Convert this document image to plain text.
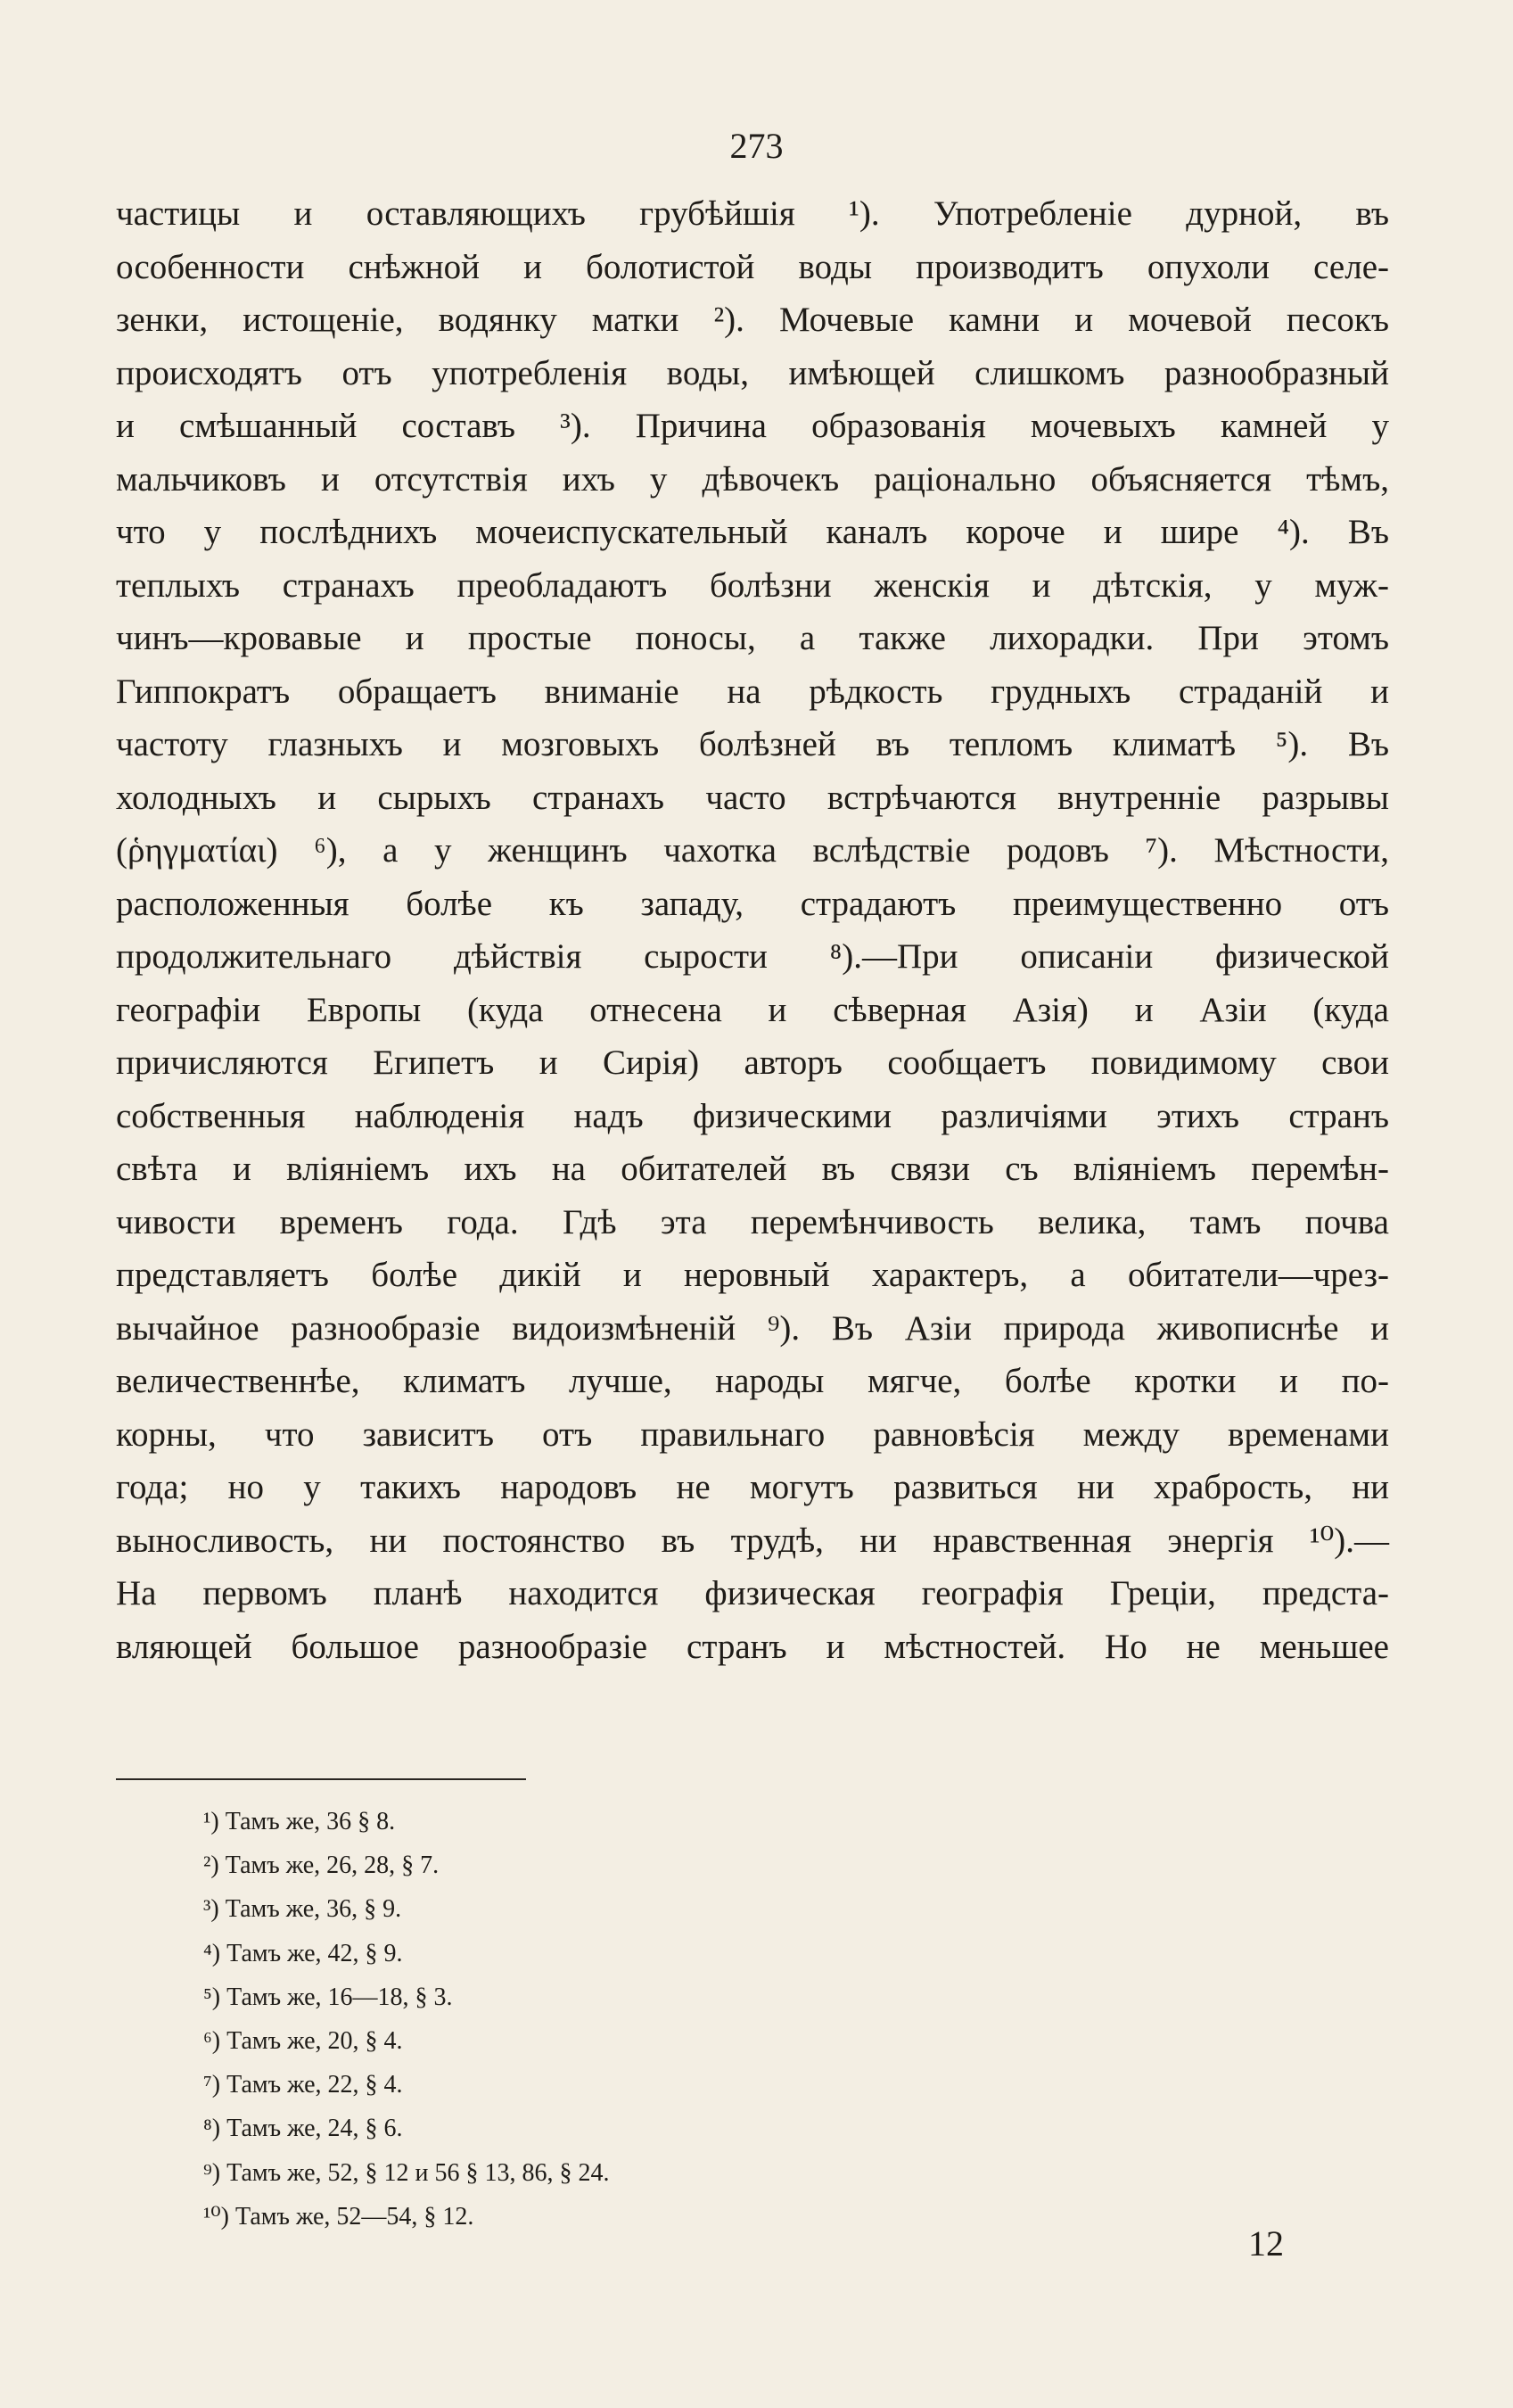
273
частицы и оставляющихъ грубѣйшія ¹). Употребленіе дурной, въ
особенности снѣжной и болотистой воды производитъ опухоли селе-
зенки, истощеніе, водянку матки ²). Мочевые камни и мочевой песокъ
происходятъ отъ употребленія воды, имѣющей слишкомъ разнообразный
и смѣшанный составъ ³). Причина образованія мочевыхъ камней у
мальчиковъ и отсутствія ихъ у дѣвочекъ раціонально объясняется тѣмъ,
что у послѣднихъ мочеиспускательный каналъ короче и шире ⁴). Въ
теплыхъ странахъ преобладаютъ болѣзни женскія и дѣтскія, у муж-
чинъ—кровавые и простые поносы, а также лихорадки. При этомъ
Гиппократъ обращаетъ вниманіе на рѣдкость грудныхъ страданій и
частоту глазныхъ и мозговыхъ болѣзней въ тепломъ климатѣ ⁵). Въ
холодныхъ и сырыхъ странахъ часто встрѣчаются внутренніе разрывы
(ῥηγματίαι) ⁶), а у женщинъ чахотка вслѣдствіе родовъ ⁷). Мѣстности,
расположенныя болѣе къ западу, страдаютъ преимущественно отъ
продолжительнаго дѣйствія сырости ⁸).—При описаніи физической
географіи Европы (куда отнесена и сѣверная Азія) и Азіи (куда
причисляются Египетъ и Сирія) авторъ сообщаетъ повидимому свои
собственныя наблюденія надъ физическими различіями этихъ странъ
свѣта и вліяніемъ ихъ на обитателей въ связи съ вліяніемъ перемѣн-
чивости временъ года. Гдѣ эта перемѣнчивость велика, тамъ почва
представляетъ болѣе дикій и неровный характеръ, а обитатели—чрез-
вычайное разнообразіе видоизмѣненій ⁹). Въ Азіи природа живописнѣе и
величественнѣе, климатъ лучше, народы мягче, болѣе кротки и по-
корны, что зависитъ отъ правильнаго равновѣсія между временами
года; но у такихъ народовъ не могутъ развиться ни храбрость, ни
выносливость, ни постоянство въ трудѣ, ни нравственная энергія ¹⁰).—
На первомъ планѣ находится физическая географія Греціи, предста-
вляющей большое разнообразіе странъ и мѣстностей. Но не меньшее
¹) Тамъ же, 36 § 8.
²) Тамъ же, 26, 28, § 7.
³) Тамъ же, 36, § 9.
⁴) Тамъ же, 42, § 9.
⁵) Тамъ же, 16—18, § 3.
⁶) Тамъ же, 20, § 4.
⁷) Тамъ же, 22, § 4.
⁸) Тамъ же, 24, § 6.
⁹) Тамъ же, 52, § 12 и 56 § 13, 86, § 24.
¹⁰) Тамъ же, 52—54, § 12.
12
